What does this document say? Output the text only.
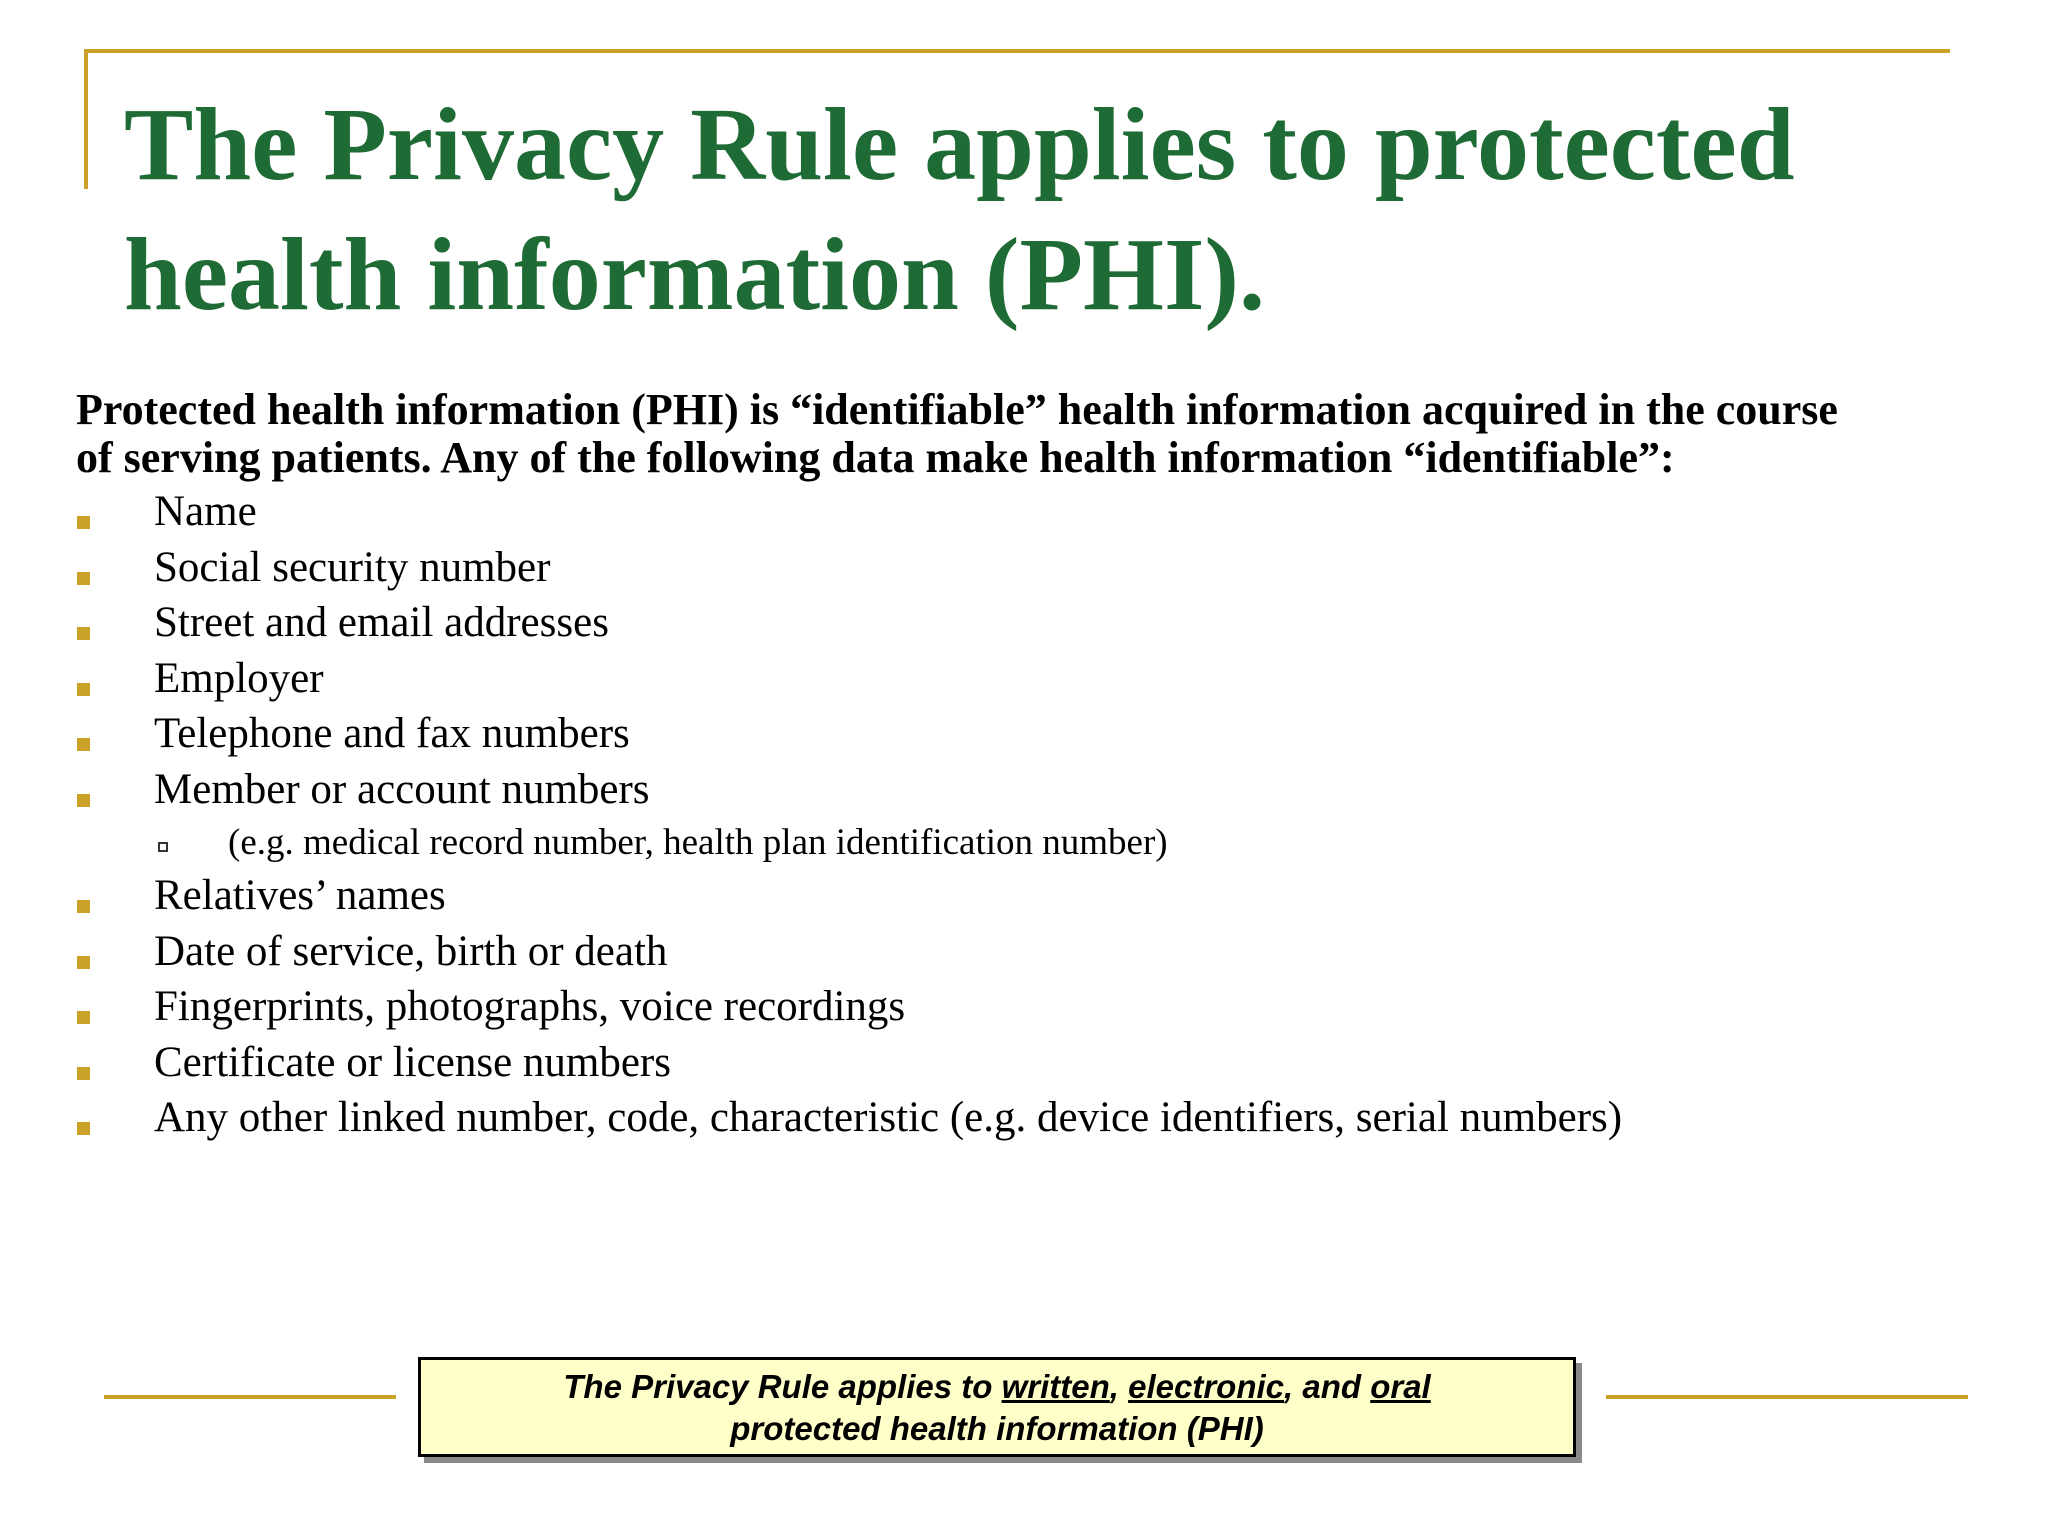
The Privacy Rule applies to protected health information (PHI).

Protected health information (PHI) is “identifiable” health information acquired in the course
of serving patients. Any of the following data make health information “identifiable”:

Name
Social security number
Street and email addresses
Employer
Telephone and fax numbers
Member or account numbers
(e.g. medical record number, health plan identification number)
Relatives’ names
Date of service, birth or death
Fingerprints, photographs, voice recordings
Certificate or license numbers
Any other linked number, code, characteristic (e.g. device identifiers, serial numbers)
The Privacy Rule applies to written, electronic, and oral
protected health information (PHI)
